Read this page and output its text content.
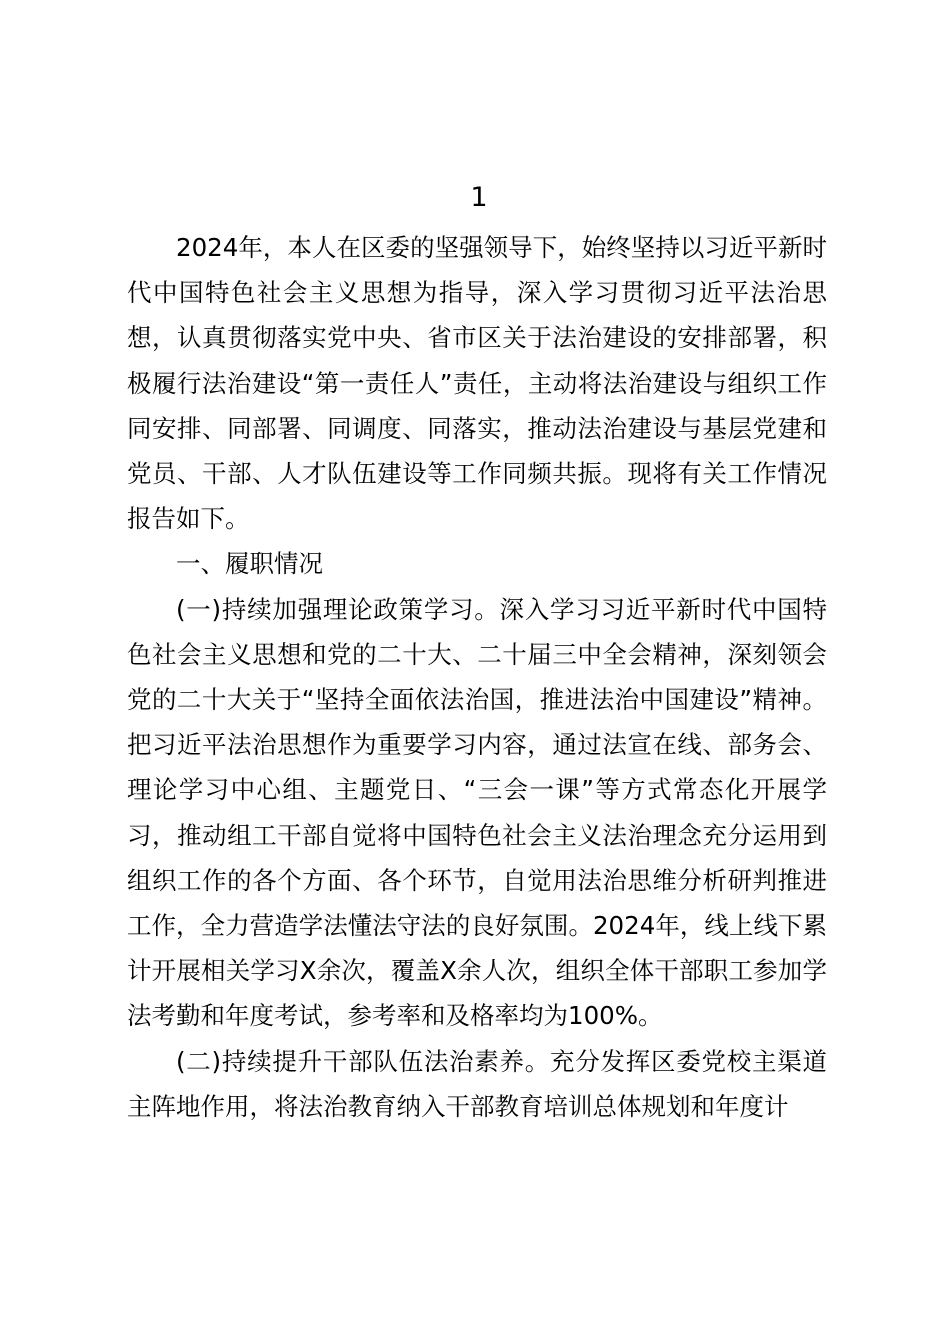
1

2024年，本人在区委的坚强领导下，始终坚持以习近平新时代中国特色社会主义思想为指导，深入学习贯彻习近平法治思想，认真贯彻落实党中央、省市区关于法治建设的安排部署，积极履行法治建设“第一责任人”责任，主动将法治建设与组织工作同安排、同部署、同调度、同落实，推动法治建设与基层党建和党员、干部、人才队伍建设等工作同频共振。现将有关工作情况报告如下。

一、履职情况

(一)持续加强理论政策学习。深入学习习近平新时代中国特色社会主义思想和党的二十大、二十届三中全会精神，深刻领会党的二十大关于“坚持全面依法治国，推进法治中国建设”精神。把习近平法治思想作为重要学习内容，通过法宣在线、部务会、理论学习中心组、主题党日、“三会一课”等方式常态化开展学习，推动组工干部自觉将中国特色社会主义法治理念充分运用到组织工作的各个方面、各个环节，自觉用法治思维分析研判推进工作，全力营造学法懂法守法的良好氛围。2024年，线上线下累计开展相关学习X余次，覆盖X余人次，组织全体干部职工参加学法考勤和年度考试，参考率和及格率均为100%。

(二)持续提升干部队伍法治素养。充分发挥区委党校主渠道主阵地作用，将法治教育纳入干部教育培训总体规划和年度计
